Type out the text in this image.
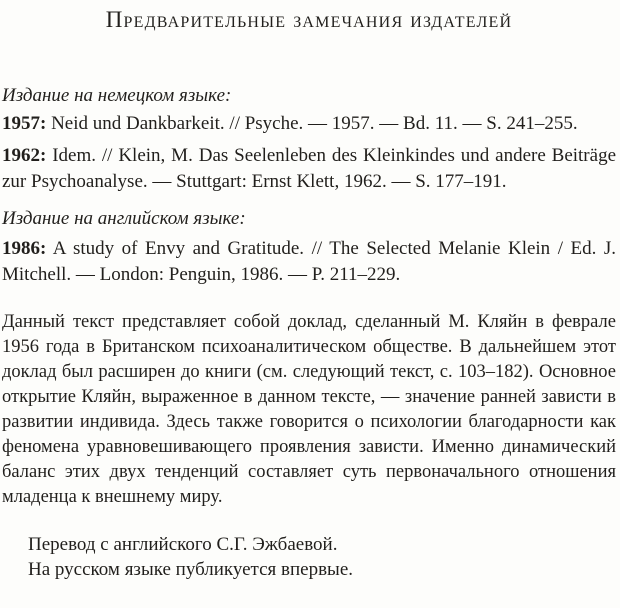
Предварительные замечания издателей

Издание на немецком языке:

1957: Neid und Dankbarkeit. // Psyche. — 1957. — Bd. 11. — S. 241–255.

1962: Idem. // Klein, M. Das Seelenleben des Kleinkindes und andere Beiträge zur Psychoanalyse. — Stuttgart: Ernst Klett, 1962. — S. 177–191.

Издание на английском языке:

1986: A study of Envy and Gratitude. // The Selected Melanie Klein / Ed. J. Mitchell. — London: Penguin, 1986. — P. 211–229.

Данный текст представляет собой доклад, сделанный М. Кляйн в феврале 1956 года в Британском психоаналитическом обществе. В дальнейшем этот доклад был расширен до книги (см. следующий текст, с. 103–182). Основное открытие Кляйн, выраженное в данном тексте, — значение ранней зависти в развитии индивида. Здесь также говорится о психологии благодарности как феномена уравновешивающего проявления зависти. Именно динамический баланс этих двух тенденций составляет суть первоначального отношения младенца к внешнему миру.

Перевод с английского С.Г. Эжбаевой.

На русском языке публикуется впервые.
